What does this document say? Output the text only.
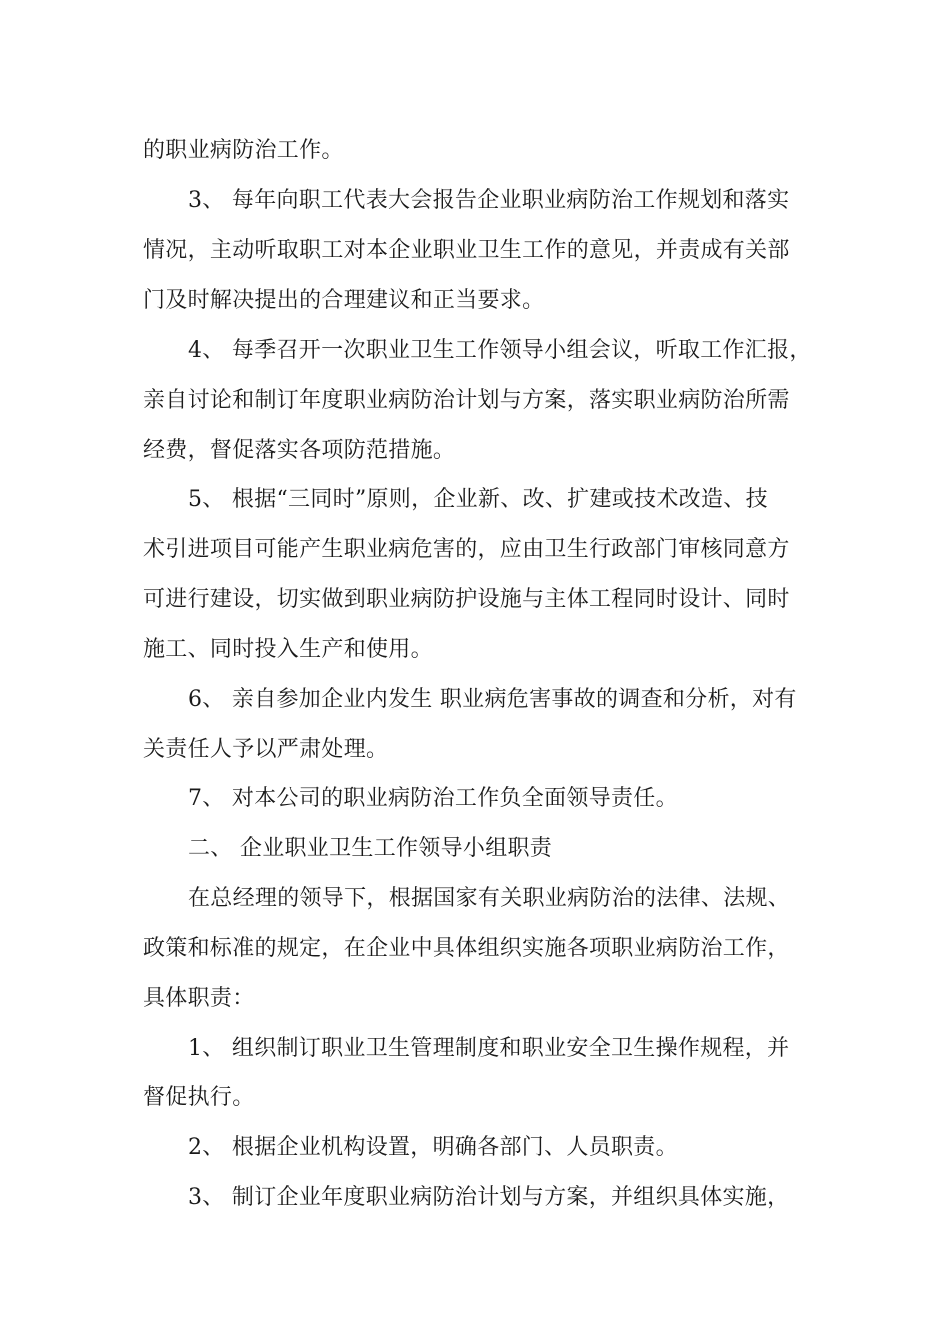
的职业病防治工作。
3、 每年向职工代表大会报告企业职业病防治工作规划和落实
情况，主动听取职工对本企业职业卫生工作的意见，并责成有关部
门及时解决提出的合理建议和正当要求。
4、 每季召开一次职业卫生工作领导小组会议，听取工作汇报，
亲自讨论和制订年度职业病防治计划与方案，落实职业病防治所需
经费，督促落实各项防范措施。
5、 根据“三同时”原则，企业新、改、扩建或技术改造、技
术引进项目可能产生职业病危害的，应由卫生行政部门审核同意方
可进行建设，切实做到职业病防护设施与主体工程同时设计、同时
施工、同时投入生产和使用。
6、 亲自参加企业内发生 职业病危害事故的调查和分析，对有
关责任人予以严肃处理。
7、 对本公司的职业病防治工作负全面领导责任。
二、 企业职业卫生工作领导小组职责
在总经理的领导下，根据国家有关职业病防治的法律、法规、
政策和标准的规定，在企业中具体组织实施各项职业病防治工作，
具体职责：
1、 组织制订职业卫生管理制度和职业安全卫生操作规程，并
督促执行。
2、 根据企业机构设置，明确各部门、人员职责。
3、 制订企业年度职业病防治计划与方案，并组织具体实施，
